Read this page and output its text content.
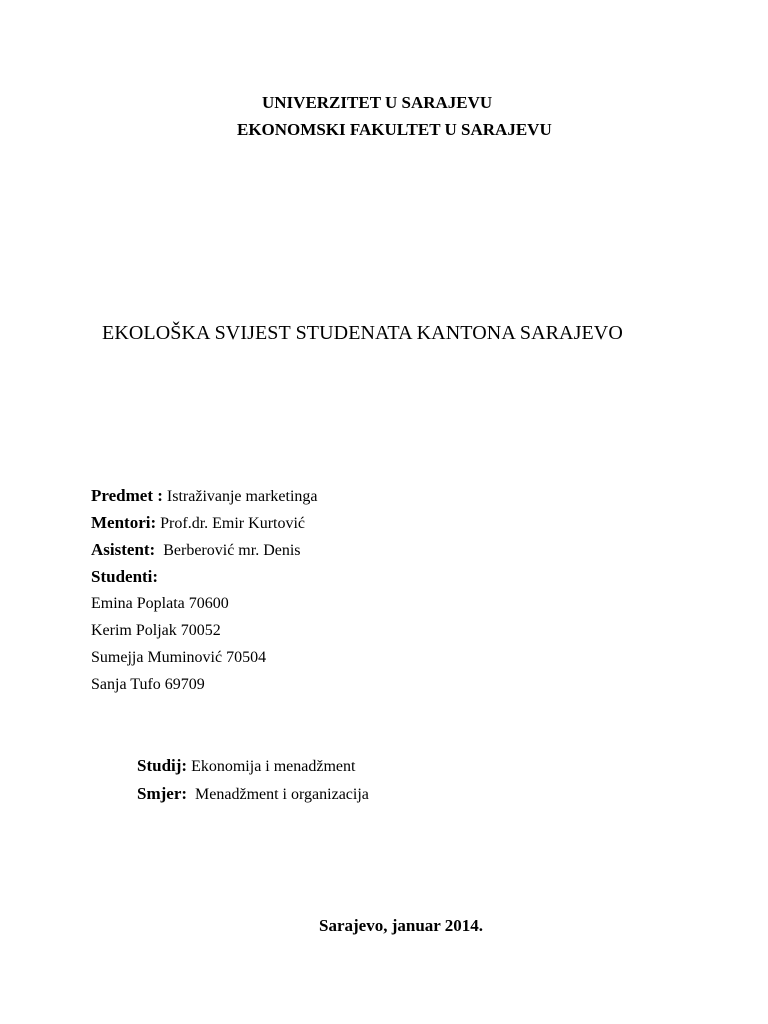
UNIVERZITET U SARAJEVU
EKONOMSKI FAKULTET U SARAJEVU
EKOLOŠKA SVIJEST STUDENATA KANTONA SARAJEVO
Predmet : Istraživanje marketinga
Mentori: Prof.dr. Emir Kurtović
Asistent: Berberović mr. Denis
Studenti:
Emina Poplata 70600
Kerim Poljak 70052
Sumejja Muminović 70504
Sanja Tufo 69709
Studij: Ekonomija i menadžment
Smjer: Menadžment i organizacija
Sarajevo, januar 2014.
